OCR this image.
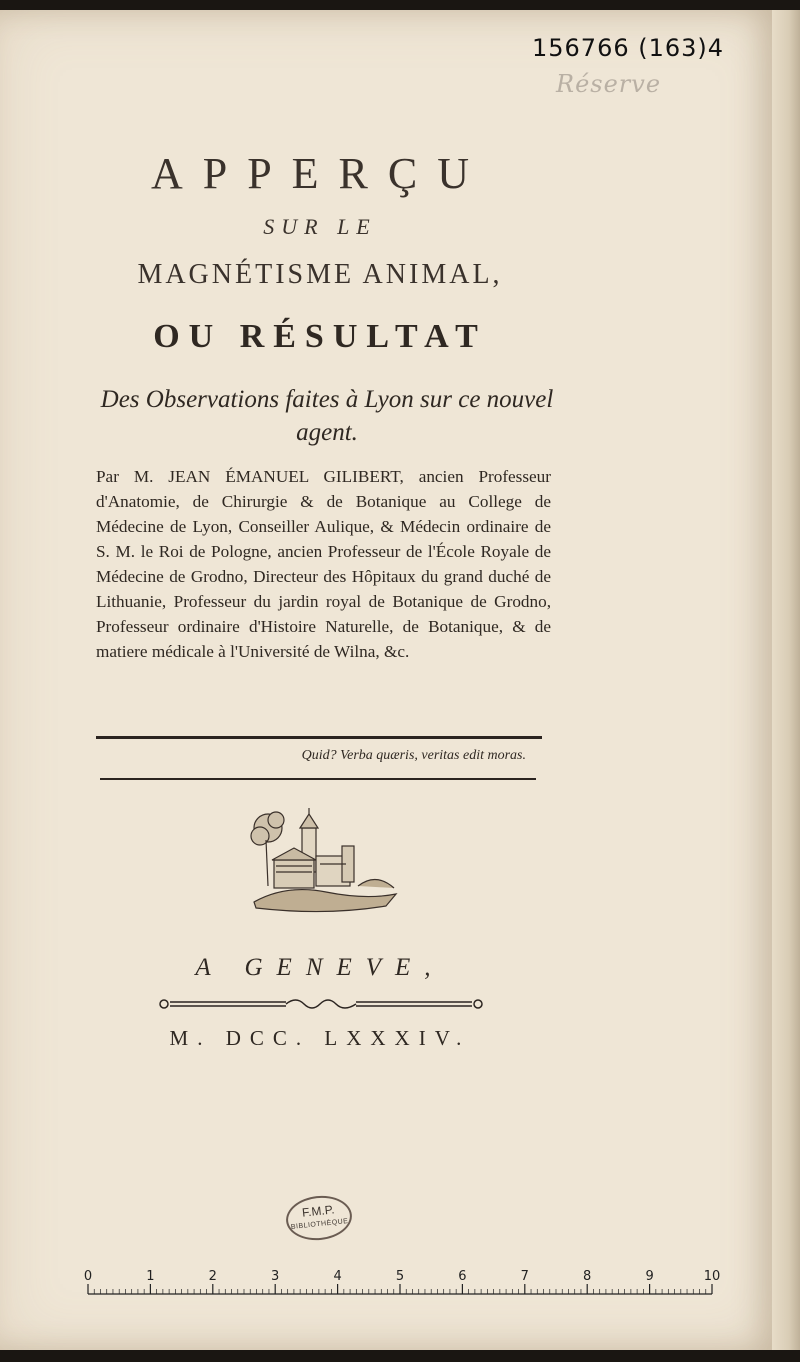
156766 (163)4
Réserve
APPERÇU
SUR LE
MAGNÉTISME ANIMAL,
OU RÉSULTAT
Des Observations faites à Lyon sur ce nouvel agent.
Par M. JEAN ÉMANUEL GILIBERT, ancien Professeur d'Anatomie, de Chirurgie & de Botanique au College de Médecine de Lyon, Conseiller Aulique, & Médecin ordinaire de S. M. le Roi de Pologne, ancien Professeur de l'École Royale de Médecine de Grodno, Directeur des Hôpitaux du grand duché de Lithuanie, Professeur du jardin royal de Botanique de Grodno, Professeur ordinaire d'Histoire Naturelle, de Botanique, & de matiere médicale à l'Université de Wilna, &c.
Quid? Verba quæris, veritas edit moras.
A GENEVE,
M. DCC. LXXXIV.
F.M.P.
BIBLIOTHÈQUE
0	1	2	3	4	5	6	7	8	9	10
